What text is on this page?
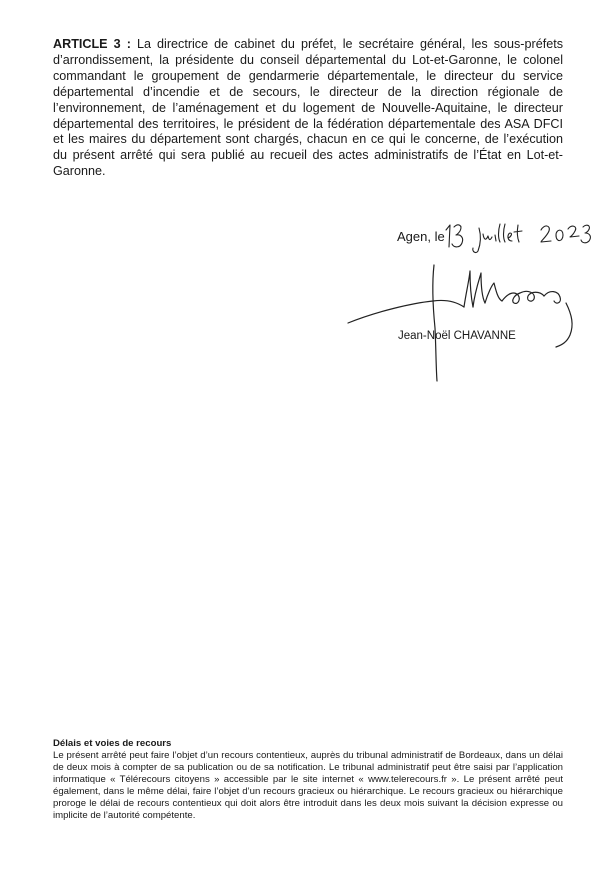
ARTICLE 3 : La directrice de cabinet du préfet, le secrétaire général, les sous-préfets d’arrondissement, la présidente du conseil départemental du Lot-et-Garonne, le colonel commandant le groupement de gendarmerie départementale, le directeur du service départemental d’incendie et de secours, le directeur de la direction régionale de l’environnement, de l’aménagement et du logement de Nouvelle-Aquitaine, le directeur départemental des territoires, le président de la fédération départementale des ASA DFCI et les maires du département sont chargés, chacun en ce qui le concerne, de l’exécution du présent arrêté qui sera publié au recueil des actes administratifs de l’État en Lot-et-Garonne.

Agen, le
Jean-Noël CHAVANNE

Délais et voies de recours

Le présent arrêté peut faire l’objet d’un recours contentieux, auprès du tribunal administratif de Bordeaux, dans un délai de deux mois à compter de sa publication ou de sa notification. Le tribunal administratif peut être saisi par l’application informatique « Télérecours citoyens » accessible par le site internet « www.telerecours.fr ». Le présent arrêté peut également, dans le même délai, faire l’objet d’un recours gracieux ou hiérarchique. Le recours gracieux ou hiérarchique proroge le délai de recours contentieux qui doit alors être introduit dans les deux mois suivant la décision expresse ou implicite de l’autorité compétente.
